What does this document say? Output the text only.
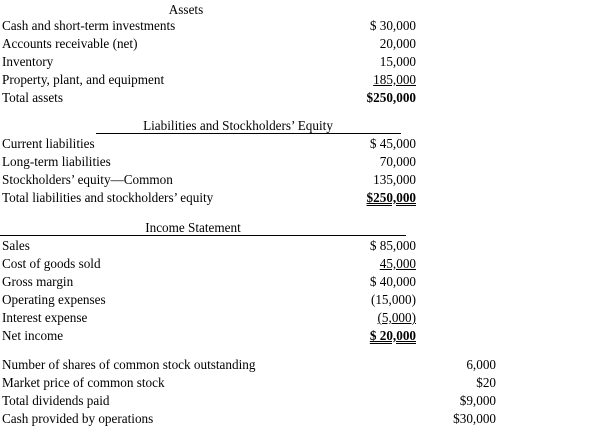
Assets
Cash and short-term investments	$ 30,000
Accounts receivable (net)	20,000
Inventory	15,000
Property, plant, and equipment	185,000
Total assets	$250,000
Liabilities and Stockholders’ Equity
Current liabilities	$ 45,000
Long-term liabilities	70,000
Stockholders’ equity—Common	135,000
Total liabilities and stockholders’ equity	$250,000
Income Statement
Sales	$ 85,000
Cost of goods sold	45,000
Gross margin	$ 40,000
Operating expenses	(15,000)
Interest expense	(5,000)
Net income	$ 20,000
Number of shares of common stock outstanding	6,000
Market price of common stock	$20
Total dividends paid	$9,000
Cash provided by operations	$30,000
